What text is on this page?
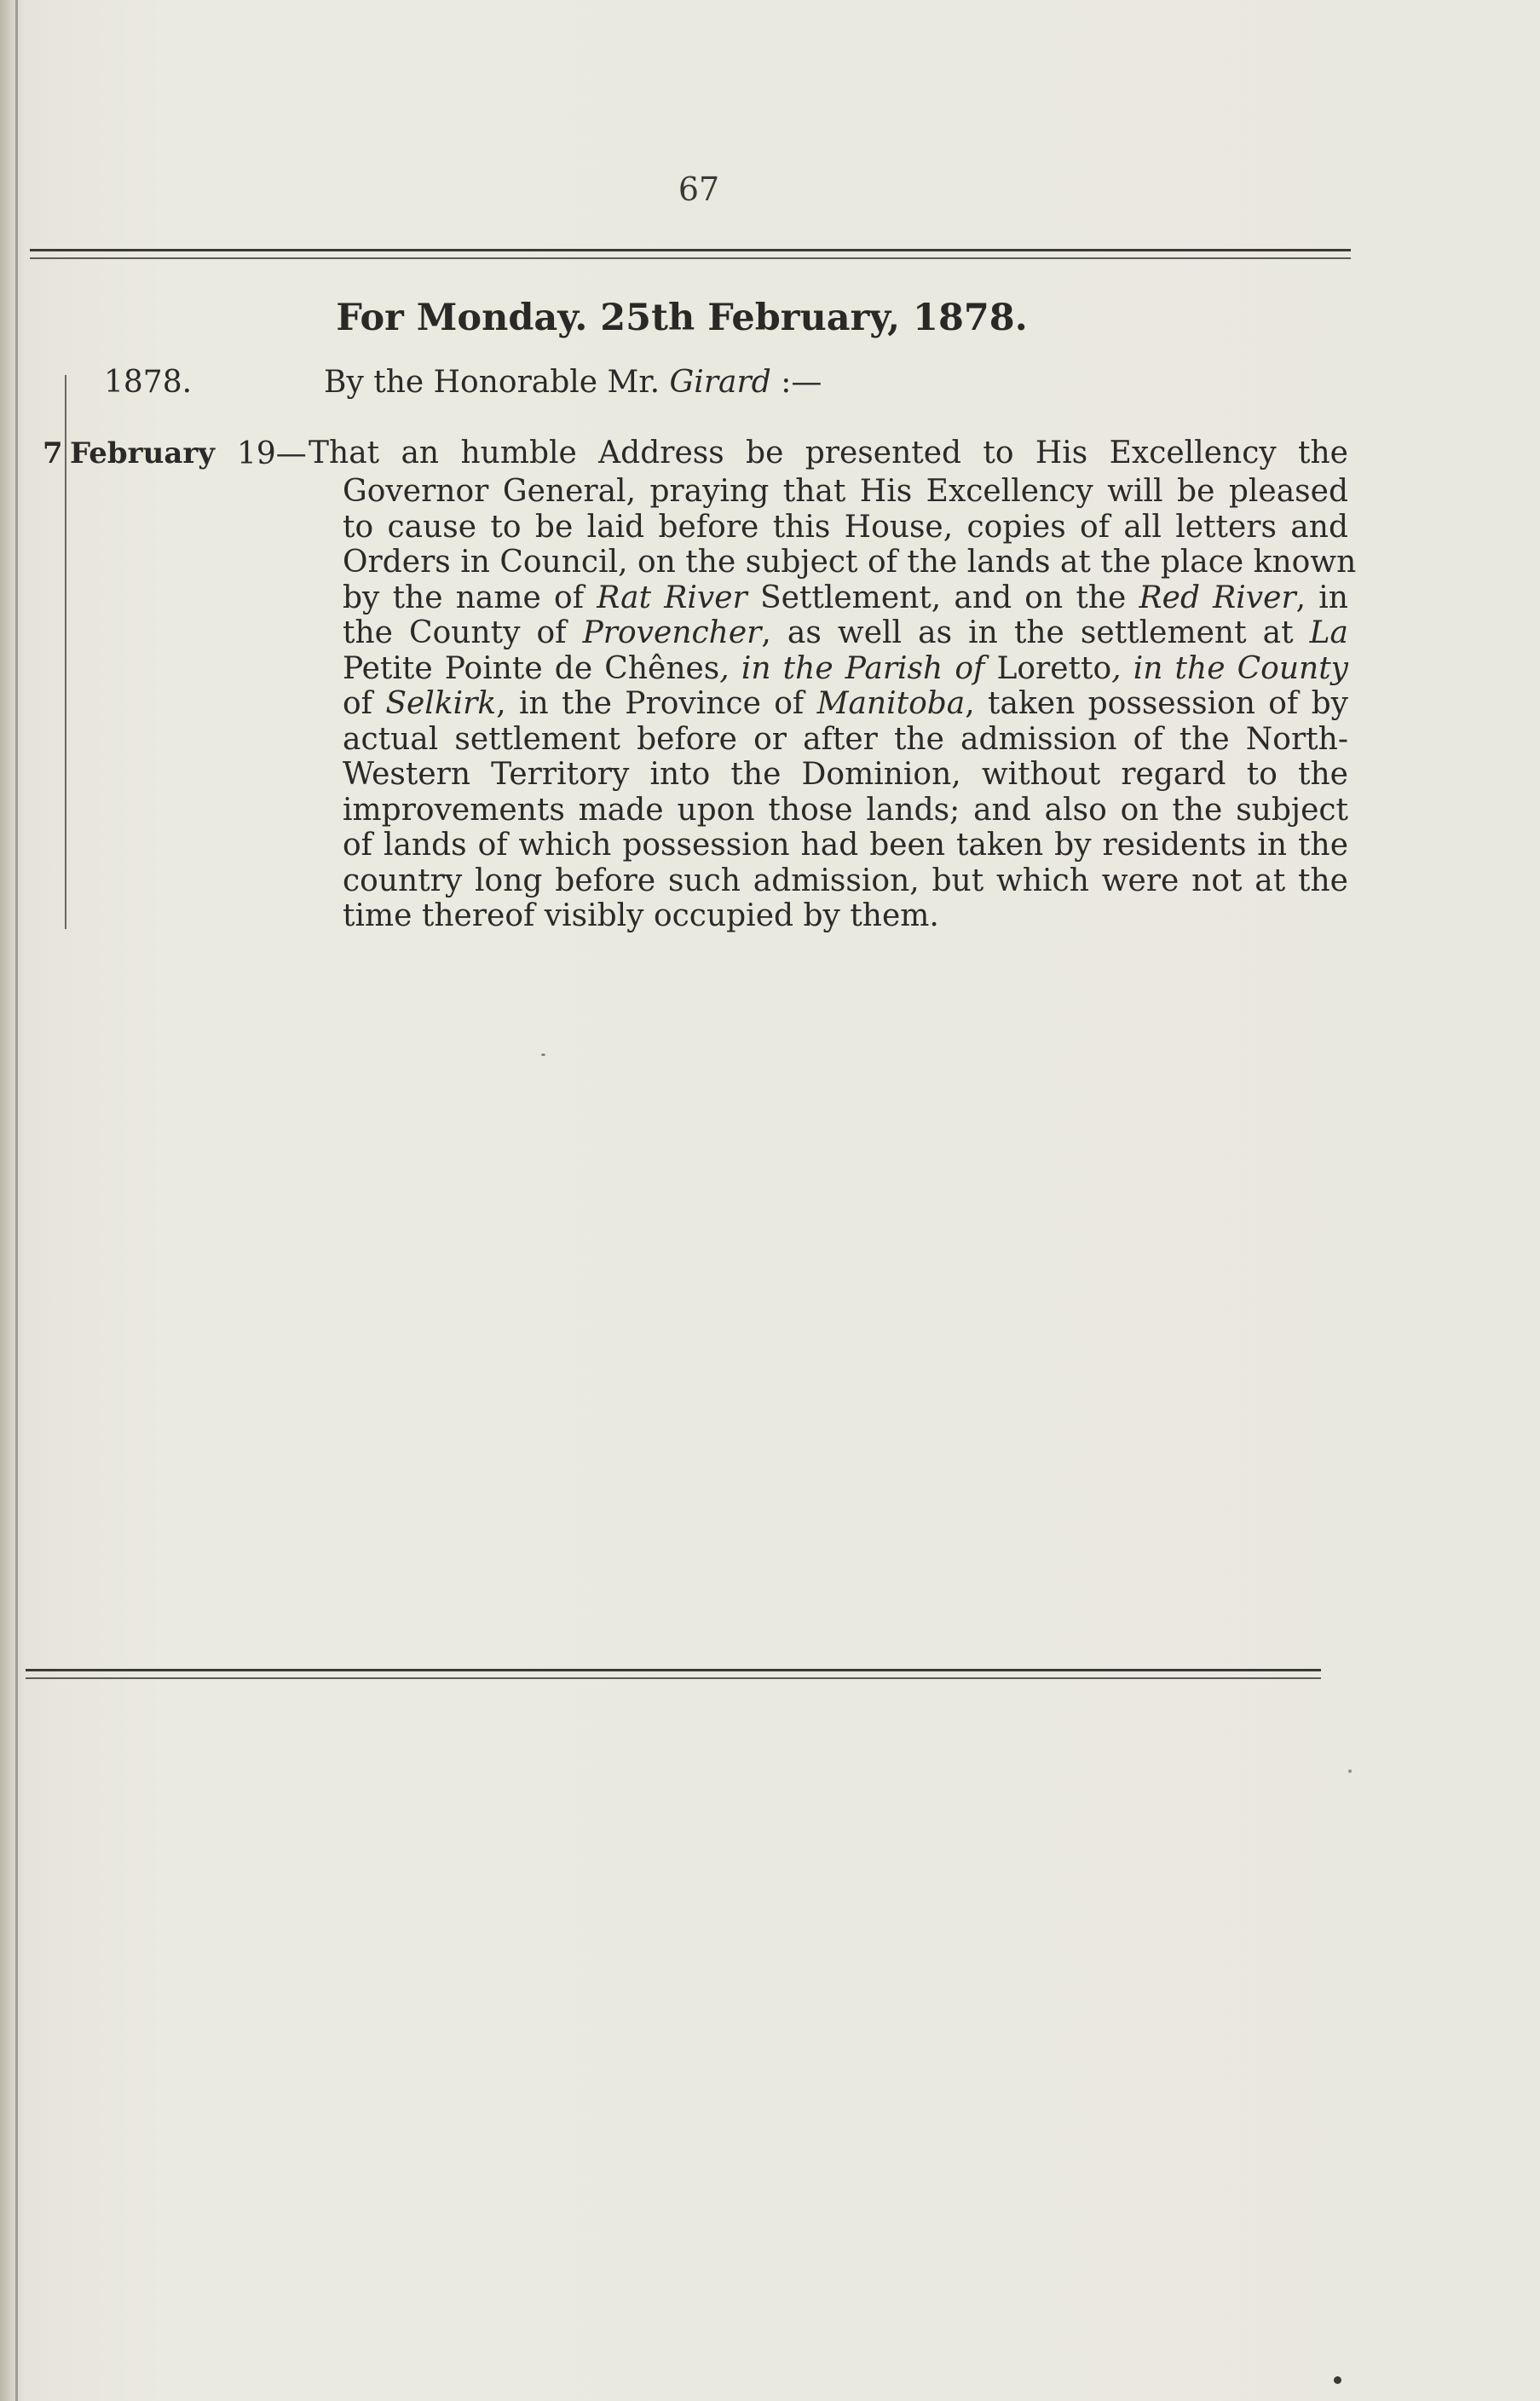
67
For Monday. 25th February, 1878.
1878.	By the Honorable Mr. Girard :—
7 February 19— That an humble Address be presented to His Excellency the
Governor General, praying that His Excellency will be pleased
to cause to be laid before this House, copies of all letters and
Orders in Council, on the subject of the lands at the place known
by the name of Rat River Settlement, and on the Red River, in
the County of Provencher, as well as in the settlement at La
Petite Pointe de Chênes, in the Parish of Loretto, in the County
of Selkirk, in the Province of Manitoba, taken possession of by
actual settlement before or after the admission of the North-
Western Territory into the Dominion, without regard to the
improvements made upon those lands; and also on the subject
of lands of which possession had been taken by residents in the
country long before such admission, but which were not at the
time thereof visibly occupied by them.
